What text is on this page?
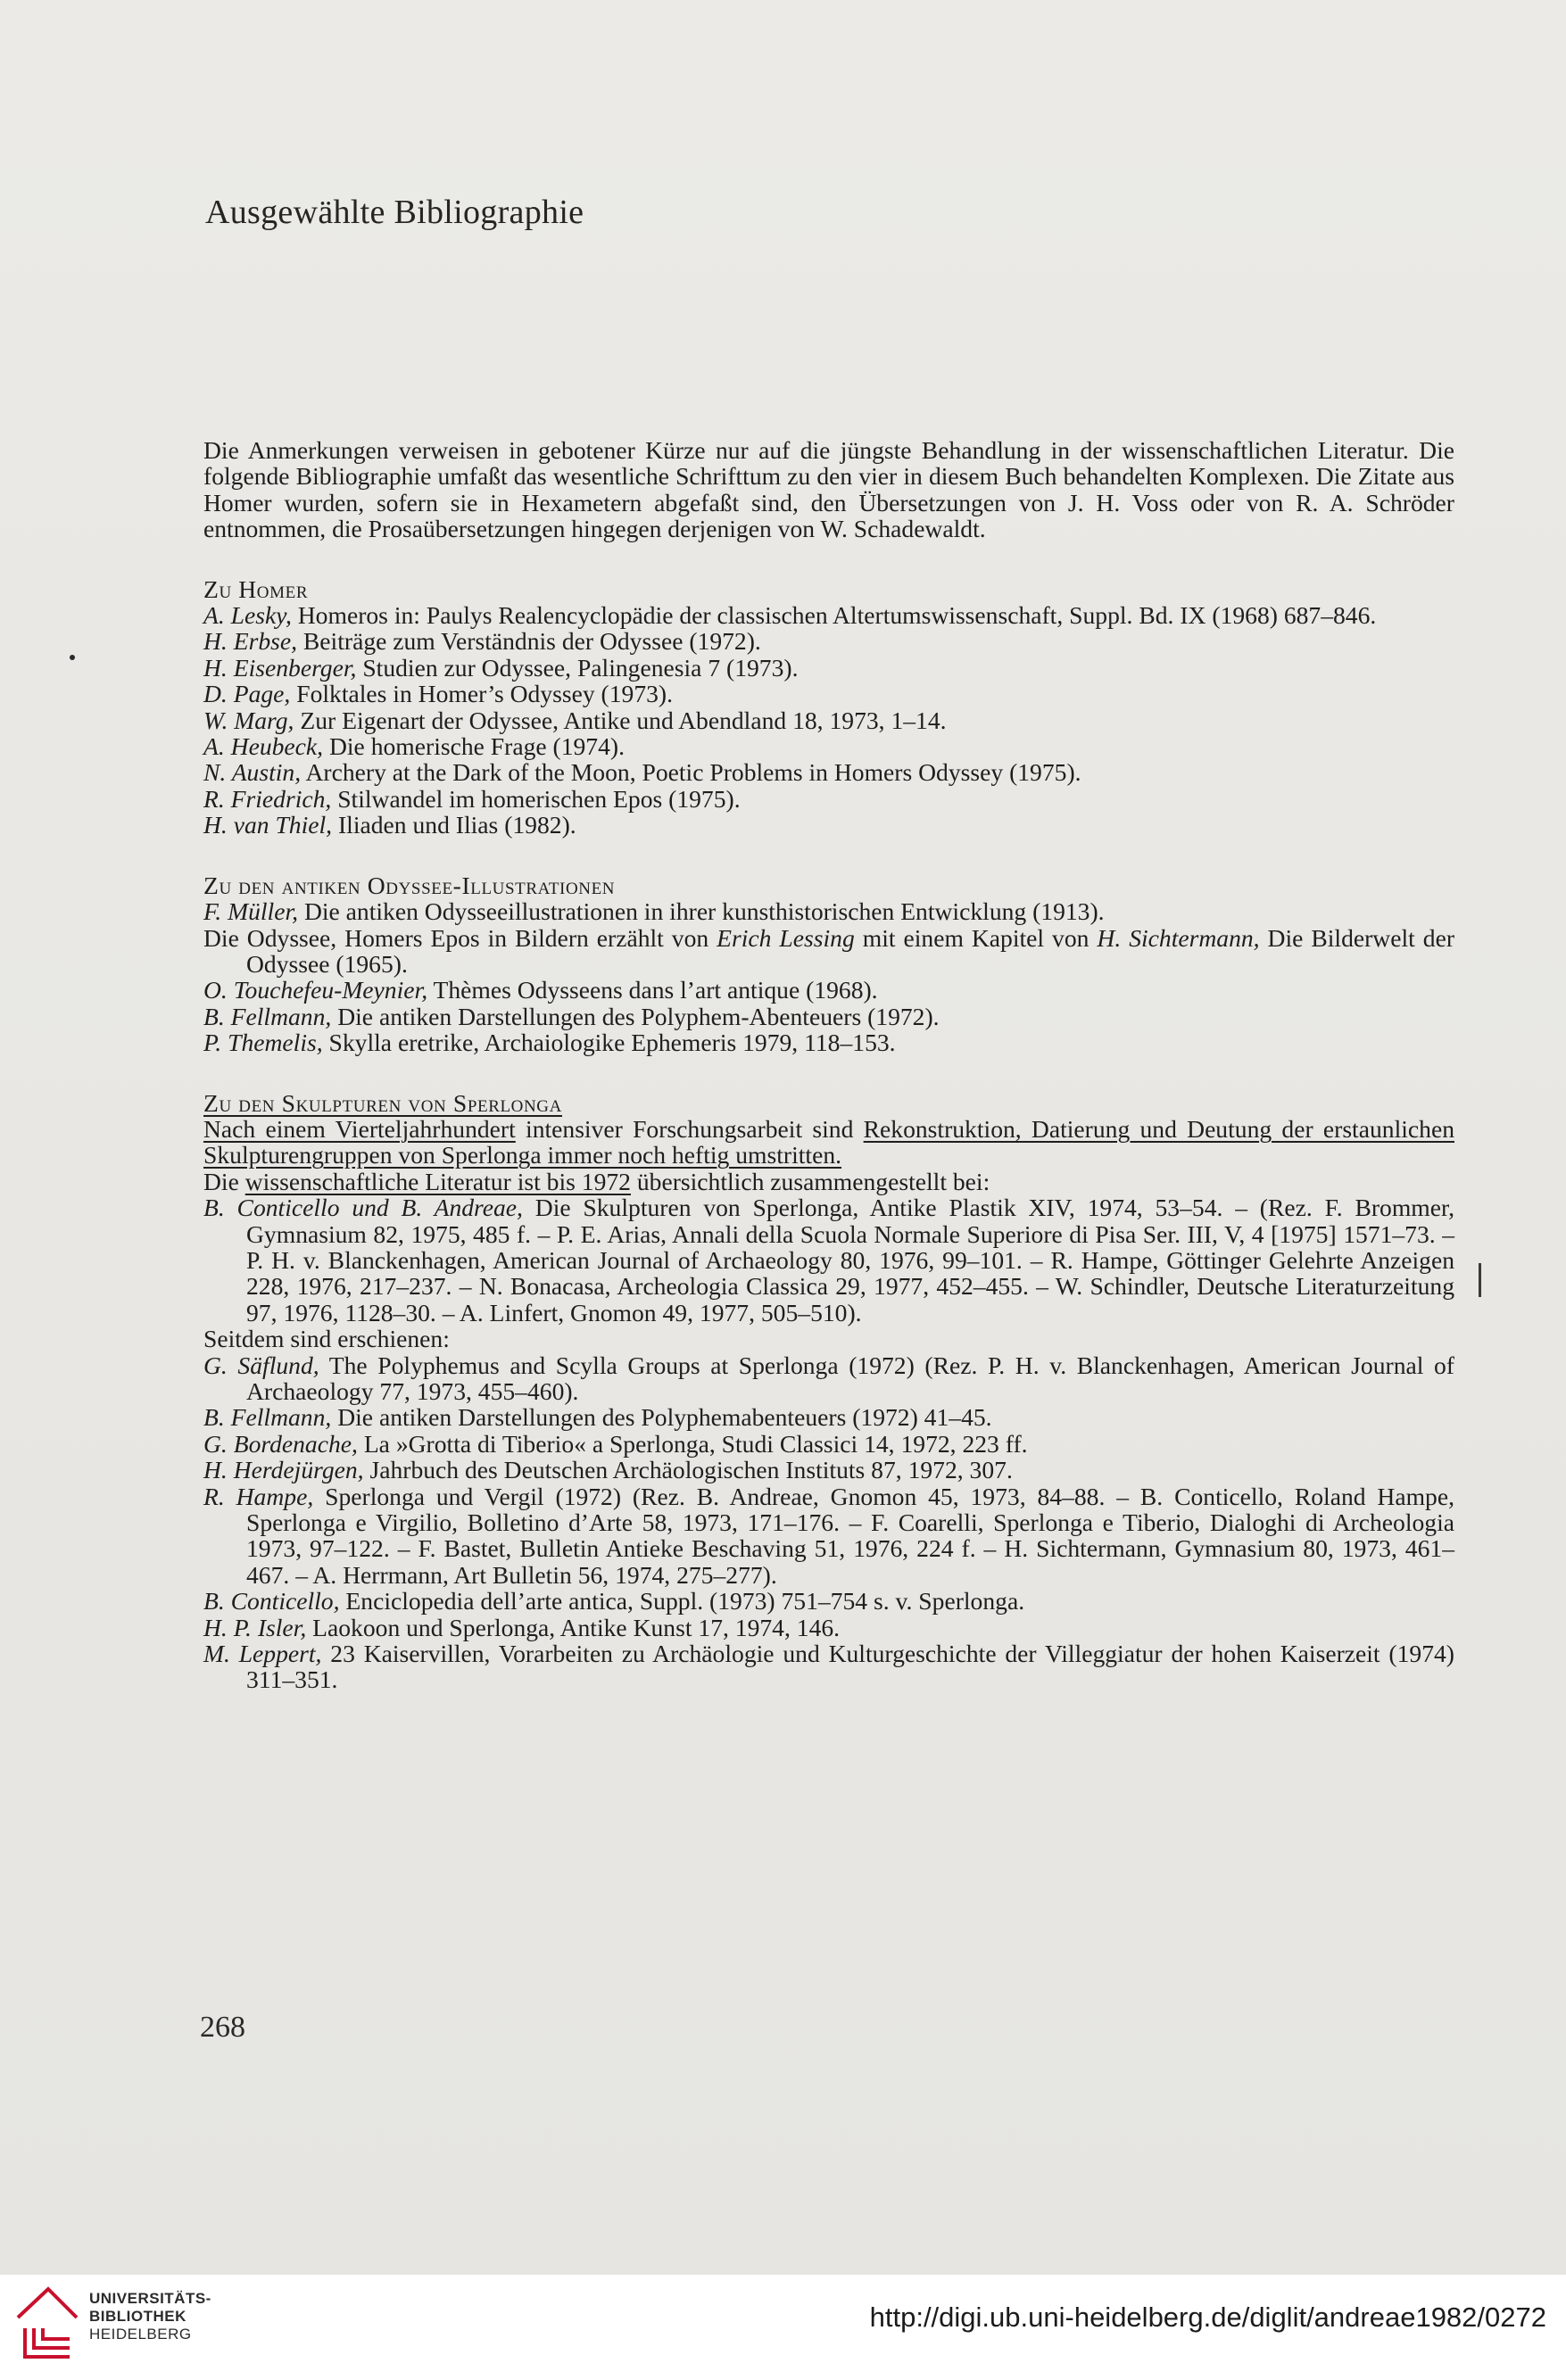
Ausgewählte Bibliographie
Die Anmerkungen verweisen in gebotener Kürze nur auf die jüngste Behandlung in der wissenschaftlichen Literatur. Die folgende Bibliographie umfaßt das wesentliche Schrifttum zu den vier in diesem Buch behandelten Komplexen. Die Zitate aus Homer wurden, sofern sie in Hexametern abgefaßt sind, den Übersetzungen von J. H. Voss oder von R. A. Schröder entnommen, die Prosaübersetzungen hingegen derjenigen von W. Schadewaldt.
Zu Homer
A. Lesky, Homeros in: Paulys Realencyclopädie der classischen Altertumswissenschaft, Suppl. Bd. IX (1968) 687–846.
H. Erbse, Beiträge zum Verständnis der Odyssee (1972).
H. Eisenberger, Studien zur Odyssee, Palingenesia 7 (1973).
D. Page, Folktales in Homer’s Odyssey (1973).
W. Marg, Zur Eigenart der Odyssee, Antike und Abendland 18, 1973, 1–14.
A. Heubeck, Die homerische Frage (1974).
N. Austin, Archery at the Dark of the Moon, Poetic Problems in Homers Odyssey (1975).
R. Friedrich, Stilwandel im homerischen Epos (1975).
H. van Thiel, Iliaden und Ilias (1982).
Zu den antiken Odyssee-Illustrationen
F. Müller, Die antiken Odysseeillustrationen in ihrer kunsthistorischen Entwicklung (1913).
Die Odyssee, Homers Epos in Bildern erzählt von Erich Lessing mit einem Kapitel von H. Sichtermann, Die Bilderwelt der Odyssee (1965).
O. Touchefeu-Meynier, Thèmes Odysseens dans l’art antique (1968).
B. Fellmann, Die antiken Darstellungen des Polyphem-Abenteuers (1972).
P. Themelis, Skylla eretrike, Archaiologike Ephemeris 1979, 118–153.
Zu den Skulpturen von Sperlonga
Nach einem Vierteljahrhundert intensiver Forschungsarbeit sind Rekonstruktion, Datierung und Deutung der erstaunlichen Skulpturengruppen von Sperlonga immer noch heftig umstritten.
Die wissenschaftliche Literatur ist bis 1972 übersichtlich zusammengestellt bei:
B. Conticello und B. Andreae, Die Skulpturen von Sperlonga, Antike Plastik XIV, 1974, 53–54. – (Rez. F. Brommer, Gymnasium 82, 1975, 485 f. – P. E. Arias, Annali della Scuola Normale Superiore di Pisa Ser. III, V, 4 [1975] 1571–73. – P. H. v. Blanckenhagen, American Journal of Archaeology 80, 1976, 99–101. – R. Hampe, Göttinger Gelehrte Anzeigen 228, 1976, 217–237. – N. Bonacasa, Archeologia Classica 29, 1977, 452–455. – W. Schindler, Deutsche Literaturzeitung 97, 1976, 1128–30. – A. Linfert, Gnomon 49, 1977, 505–510).
Seitdem sind erschienen:
G. Säflund, The Polyphemus and Scylla Groups at Sperlonga (1972) (Rez. P. H. v. Blanckenhagen, American Journal of Archaeology 77, 1973, 455–460).
B. Fellmann, Die antiken Darstellungen des Polyphemabenteuers (1972) 41–45.
G. Bordenache, La »Grotta di Tiberio« a Sperlonga, Studi Classici 14, 1972, 223 ff.
H. Herdejürgen, Jahrbuch des Deutschen Archäologischen Instituts 87, 1972, 307.
R. Hampe, Sperlonga und Vergil (1972) (Rez. B. Andreae, Gnomon 45, 1973, 84–88. – B. Conticello, Roland Hampe, Sperlonga e Virgilio, Bolletino d’Arte 58, 1973, 171–176. – F. Coarelli, Sperlonga e Tiberio, Dialoghi di Archeologia 1973, 97–122. – F. Bastet, Bulletin Antieke Beschaving 51, 1976, 224 f. – H. Sichtermann, Gymnasium 80, 1973, 461–467. – A. Herrmann, Art Bulletin 56, 1974, 275–277).
B. Conticello, Enciclopedia dell’arte antica, Suppl. (1973) 751–754 s. v. Sperlonga.
H. P. Isler, Laokoon und Sperlonga, Antike Kunst 17, 1974, 146.
M. Leppert, 23 Kaiservillen, Vorarbeiten zu Archäologie und Kulturgeschichte der Villeggiatur der hohen Kaiserzeit (1974) 311–351.
268
UNIVERSITÄTS-
BIBLIOTHEK
HEIDELBERG
http://digi.ub.uni-heidelberg.de/diglit/andreae1982/0272
